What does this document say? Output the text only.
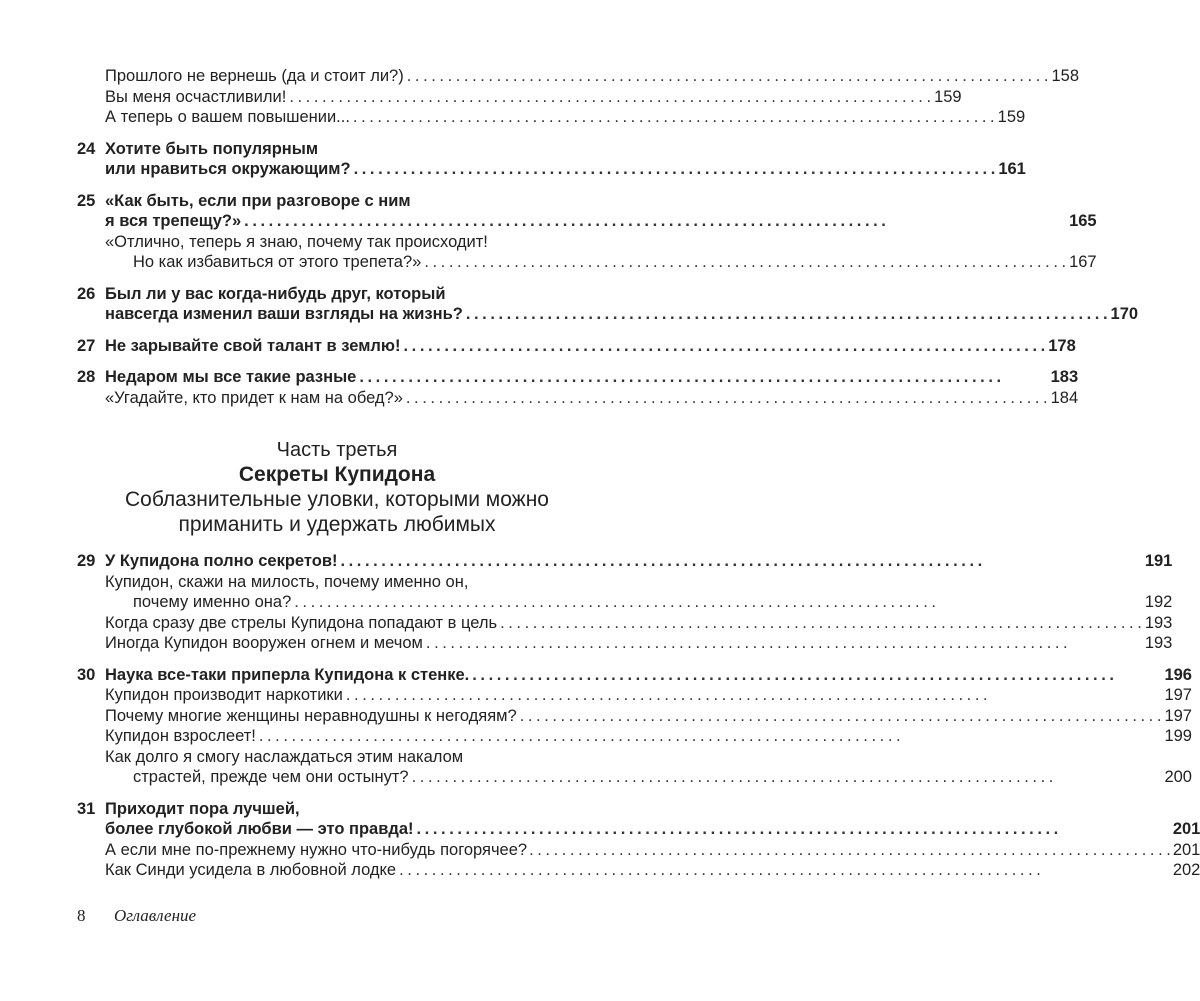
Прошлого не вернешь (да и стоит ли?) . . .	158
Вы меня осчастливили! . . .	159
А теперь о вашем повышении... . . .	159
24 Хотите быть популярным
или нравиться окружающим? . . .	161
25 «Как быть, если при разговоре с ним
я вся трепещу?» . . .	165
«Отлично, теперь я знаю, почему так происходит!
Но как избавиться от этого трепета?» . . .	167
26 Был ли у вас когда-нибудь друг, который
навсегда изменил ваши взгляды на жизнь? . . .	170
27 Не зарывайте свой талант в землю! . . .	178
28 Недаром мы все такие разные . . .	183
«Угадайте, кто придет к нам на обед?» . . .	184
Часть третья
Секреты Купидона
Соблазнительные уловки, которыми можно
приманить и удержать любимых
29 У Купидона полно секретов! . . .	191
Купидон, скажи на милость, почему именно он,
почему именно она? . . .	192
Когда сразу две стрелы Купидона попадают в цель . . .	193
Иногда Купидон вооружен огнем и мечом . . .	193
30 Наука все-таки приперла Купидона к стенке. . . .	196
Купидон производит наркотики . . .	197
Почему многие женщины неравнодушны к негодяям? . . .	197
Купидон взрослеет! . . .	199
Как долго я смогу наслаждаться этим накалом
страстей, прежде чем они остынут? . . .	200
31 Приходит пора лучшей,
более глубокой любви — это правда! . . .	201
А если мне по-прежнему нужно что-нибудь погорячее? . . .	201
Как Синди усидела в любовной лодке . . .	202
8	Оглавление
